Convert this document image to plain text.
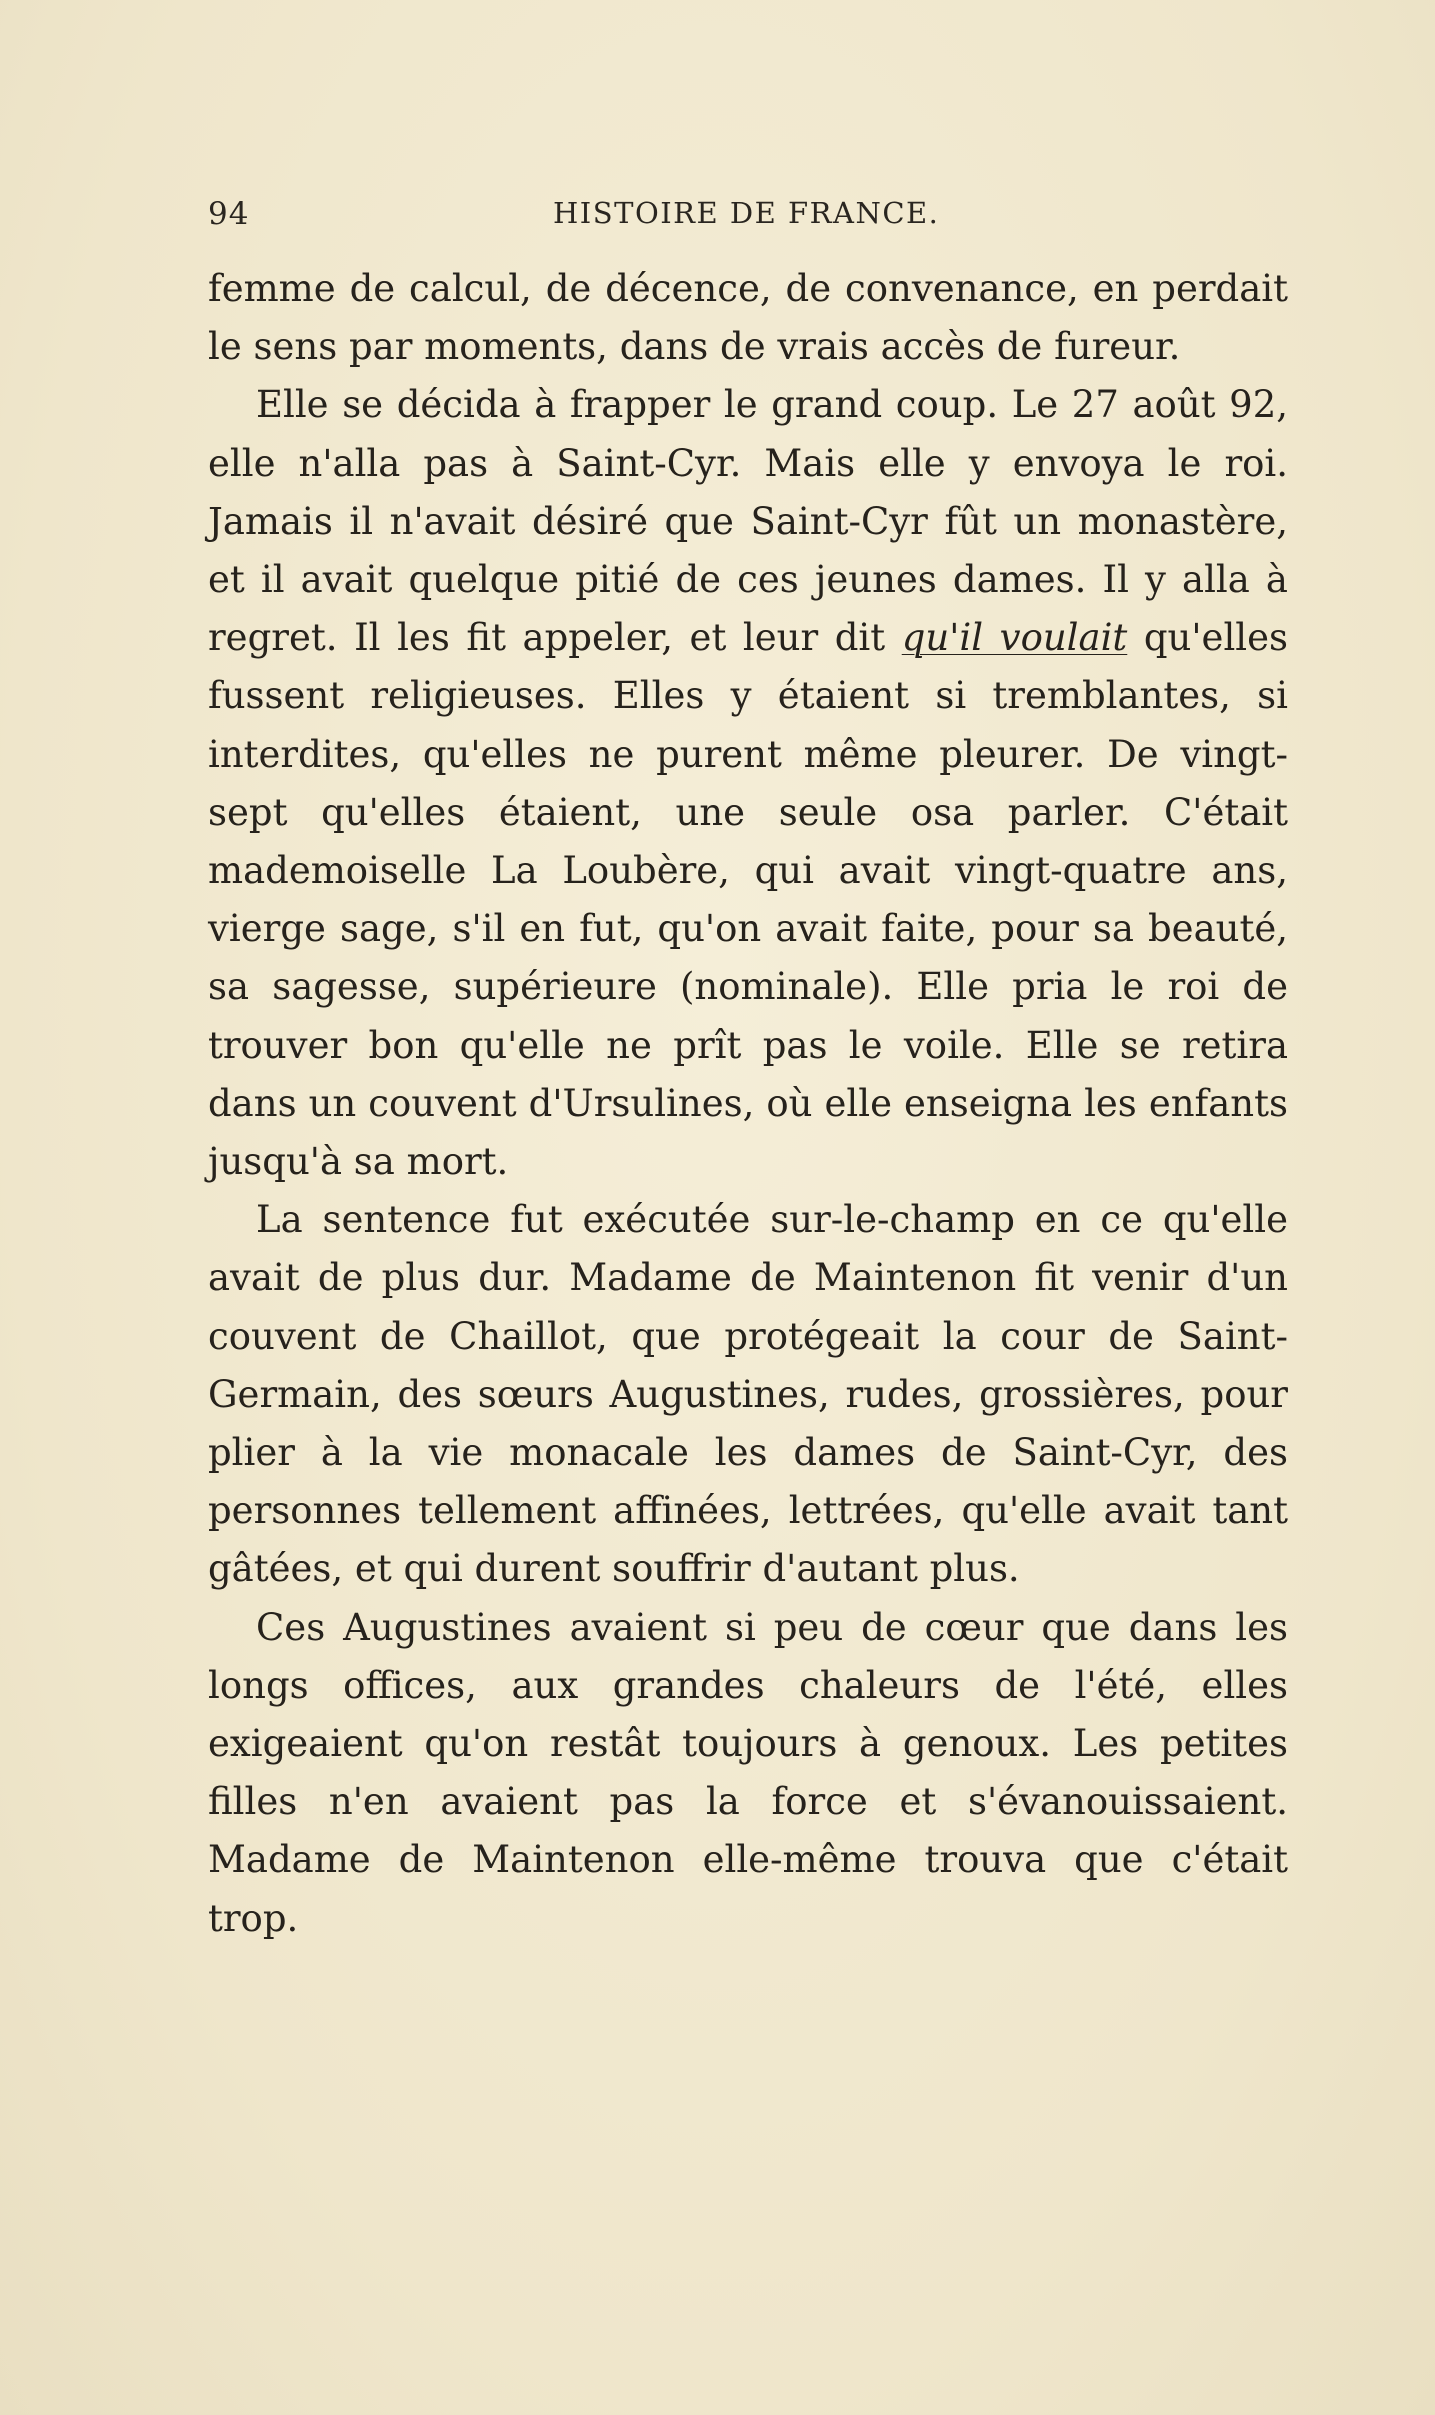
94	HISTOIRE DE FRANCE.

femme de calcul, de décence, de convenance, en perdait le sens par moments, dans de vrais accès de fureur.

Elle se décida à frapper le grand coup. Le 27 août 92, elle n'alla pas à Saint-Cyr. Mais elle y envoya le roi. Jamais il n'avait désiré que Saint-Cyr fût un monastère, et il avait quelque pitié de ces jeunes dames. Il y alla à regret. Il les fit appeler, et leur dit qu'il voulait qu'elles fussent religieuses. Elles y étaient si tremblantes, si interdites, qu'elles ne purent même pleurer. De vingt-sept qu'elles étaient, une seule osa parler. C'était mademoiselle La Loubère, qui avait vingt-quatre ans, vierge sage, s'il en fut, qu'on avait faite, pour sa beauté, sa sagesse, supérieure (nominale). Elle pria le roi de trouver bon qu'elle ne prît pas le voile. Elle se retira dans un couvent d'Ursulines, où elle enseigna les enfants jusqu'à sa mort.

La sentence fut exécutée sur-le-champ en ce qu'elle avait de plus dur. Madame de Maintenon fit venir d'un couvent de Chaillot, que protégeait la cour de Saint-Germain, des sœurs Augustines, rudes, grossières, pour plier à la vie monacale les dames de Saint-Cyr, des personnes tellement affinées, lettrées, qu'elle avait tant gâtées, et qui durent souffrir d'autant plus.

Ces Augustines avaient si peu de cœur que dans les longs offices, aux grandes chaleurs de l'été, elles exigeaient qu'on restât toujours à genoux. Les petites filles n'en avaient pas la force et s'évanouissaient. Madame de Maintenon elle-même trouva que c'était trop.
